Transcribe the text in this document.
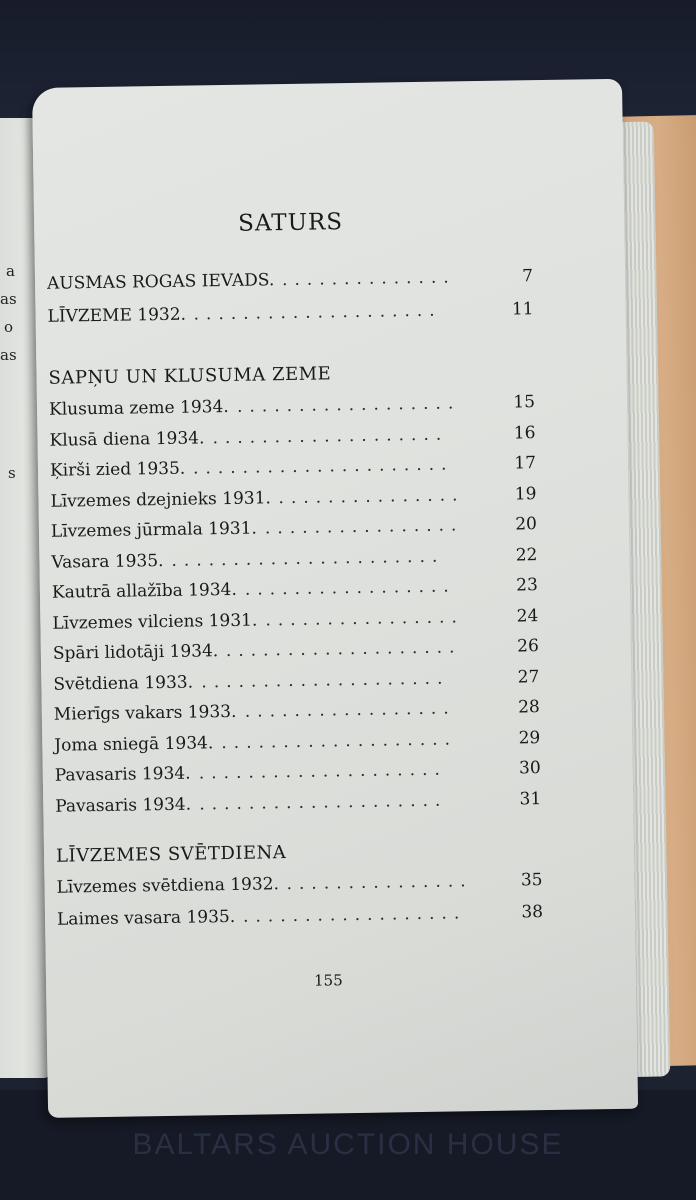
a
as
o
as
s
SATURS
AUSMAS ROGAS IEVADS. ..............	7
LĪVZEME 1932. ....................	11
SAPŅU UN KLUSUMA ZEME
Klusuma zeme 1934. ..................	15
Klusā diena 1934. ...................	16
Ķirši zied 1935. .....................	17
Līvzemes dzejnieks 1931. ...............	19
Līvzemes jūrmala 1931. ................	20
Vasara 1935. ......................	22
Kautrā allažība 1934. .................	23
Līvzemes vilciens 1931. ................	24
Spāri lidotāji 1934. ...................	26
Svētdiena 1933. ....................	27
Mierīgs vakars 1933. .................	28
Joma sniegā 1934. ...................	29
Pavasaris 1934. ....................	30
Pavasaris 1934. ....................	31
LĪVZEMES SVĒTDIENA
Līvzemes svētdiena 1932. ...............	35
Laimes vasara 1935. ..................	38
155
BALTARS AUCTION HOUSE
